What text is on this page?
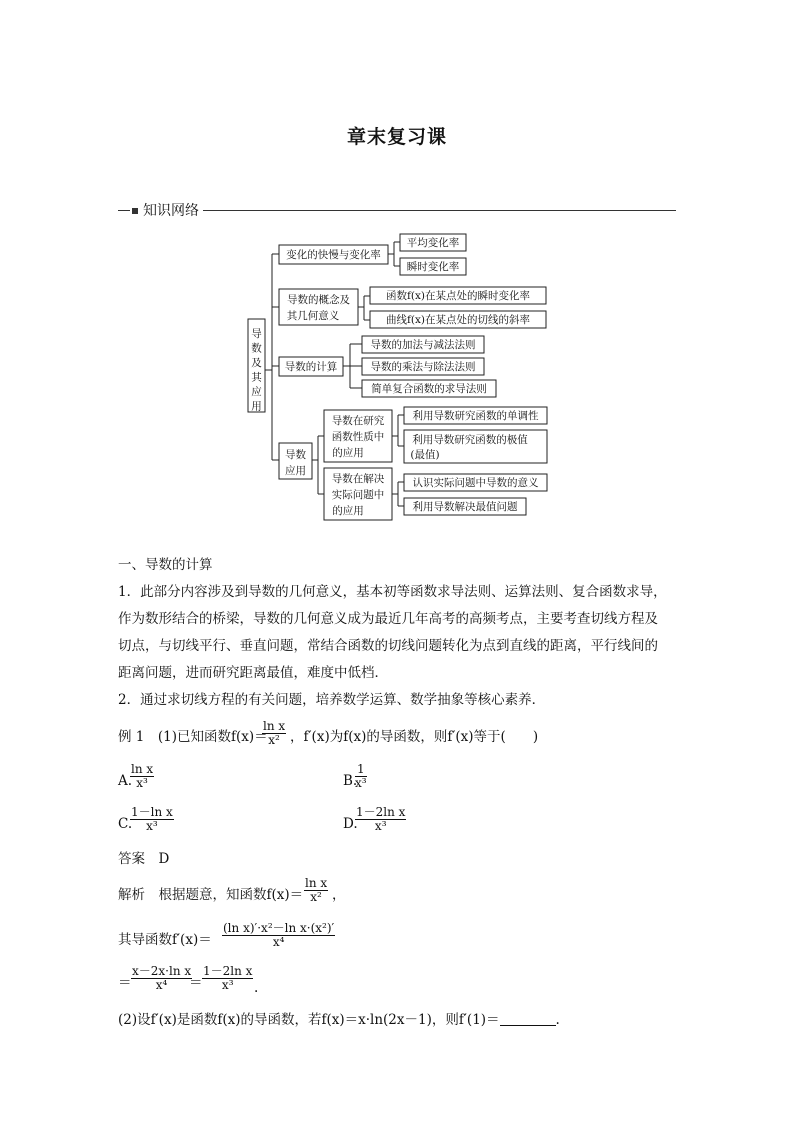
章末复习课
知识网络
导数及其应用
变化的快慢与变化率
平均变化率
瞬时变化率
导数的概念及
其几何意义
函数f(x)在某点处的瞬时变化率
曲线f(x)在某点处的切线的斜率
导数的计算
导数的加法与减法法则
导数的乘法与除法法则
简单复合函数的求导法则
导数
应用
导数在研究
函数性质中
的应用
利用导数研究函数的单调性
利用导数研究函数的极值
(最值)
导数在解决
实际问题中
的应用
认识实际问题中导数的意义
利用导数解决最值问题
一、导数的计算
1．此部分内容涉及到导数的几何意义，基本初等函数求导法则、运算法则、复合函数求导，
作为数形结合的桥梁，导数的几何意义成为最近几年高考的高频考点，主要考查切线方程及
切点，与切线平行、垂直问题，常结合函数的切线问题转化为点到直线的距离，平行线间的
距离问题，进而研究距离最值，难度中低档．
2．通过求切线方程的有关问题，培养数学运算、数学抽象等核心素养．
例 1　(1)已知函数f(x)＝
$\frac{\text{ln x}}{\text{x²}}$ ，f′(x)为f(x)的导函数，则f′(x)等于(　　)
A.
$\frac{\text{ln x}}{\text{x³}}$	B.
$\frac{1}{\text{x³}}$
C.
$\frac{\text{1－ln x}}{\text{x³}}$	D.
$\frac{\text{1－2ln x}}{\text{x³}}$
答案　D
解析　根据题意，知函数$f(x)= \frac{\text{ln x}}{\text{x²}}$ ，
其导函数$f'(x)= \frac{\text{(ln x)′·x²－ln x·(x²)′}}{\text{x⁴}}$
＝ $\frac{\text{x－2x·ln x}}{\text{x⁴}}$
＝ $\frac{\text{1－2ln x}}{\text{x³}}$ .
(2)设f′(x)是函数f(x)的导函数，若f(x)＝x·ln(2x－1)，则f′(1)＝	.
